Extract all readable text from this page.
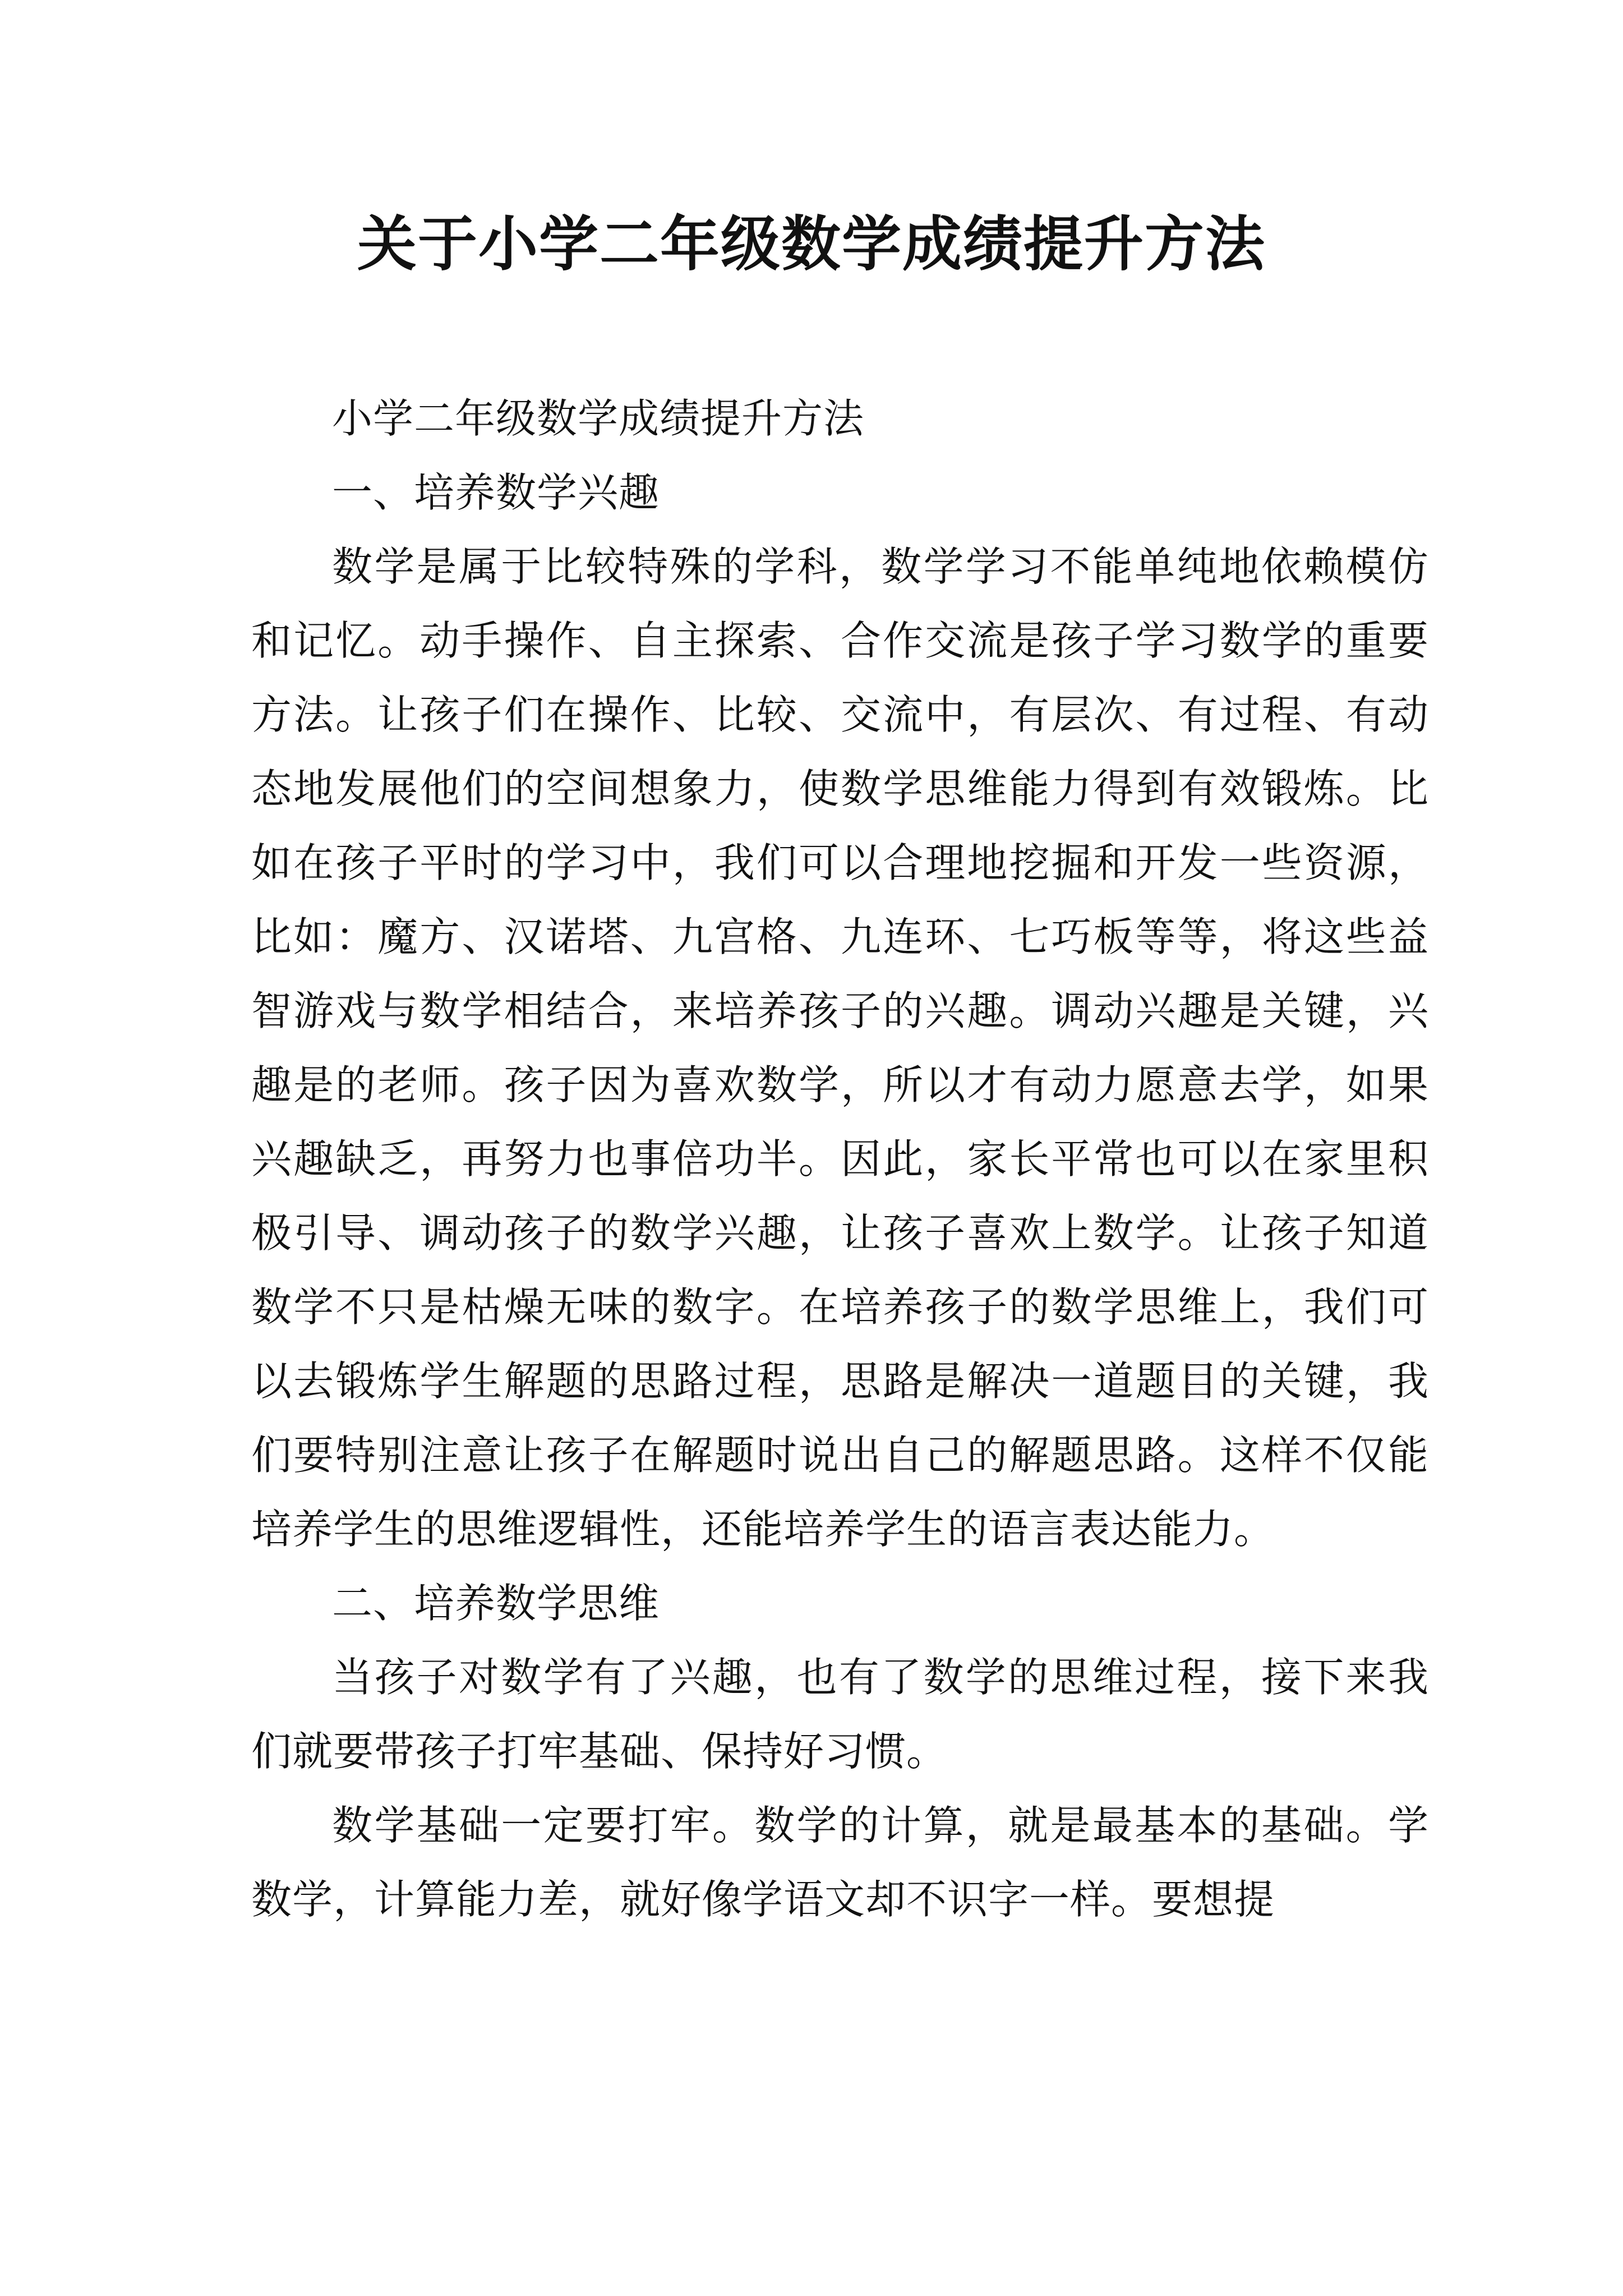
关于小学二年级数学成绩提升方法

小学二年级数学成绩提升方法

一、培养数学兴趣

数学是属于比较特殊的学科，数学学习不能单纯地依赖模仿和记忆。动手操作、自主探索、合作交流是孩子学习数学的重要方法。让孩子们在操作、比较、交流中，有层次、有过程、有动态地发展他们的空间想象力，使数学思维能力得到有效锻炼。比如在孩子平时的学习中，我们可以合理地挖掘和开发一些资源，比如：魔方、汉诺塔、九宫格、九连环、七巧板等等，将这些益智游戏与数学相结合，来培养孩子的兴趣。调动兴趣是关键，兴趣是的老师。孩子因为喜欢数学，所以才有动力愿意去学，如果兴趣缺乏，再努力也事倍功半。因此，家长平常也可以在家里积极引导、调动孩子的数学兴趣，让孩子喜欢上数学。让孩子知道数学不只是枯燥无味的数字。在培养孩子的数学思维上，我们可以去锻炼学生解题的思路过程，思路是解决一道题目的关键，我们要特别注意让孩子在解题时说出自己的解题思路。这样不仅能培养学生的思维逻辑性，还能培养学生的语言表达能力。

二、培养数学思维

当孩子对数学有了兴趣，也有了数学的思维过程，接下来我们就要带孩子打牢基础、保持好习惯。

数学基础一定要打牢。数学的计算，就是最基本的基础。学数学，计算能力差，就好像学语文却不识字一样。要想提
